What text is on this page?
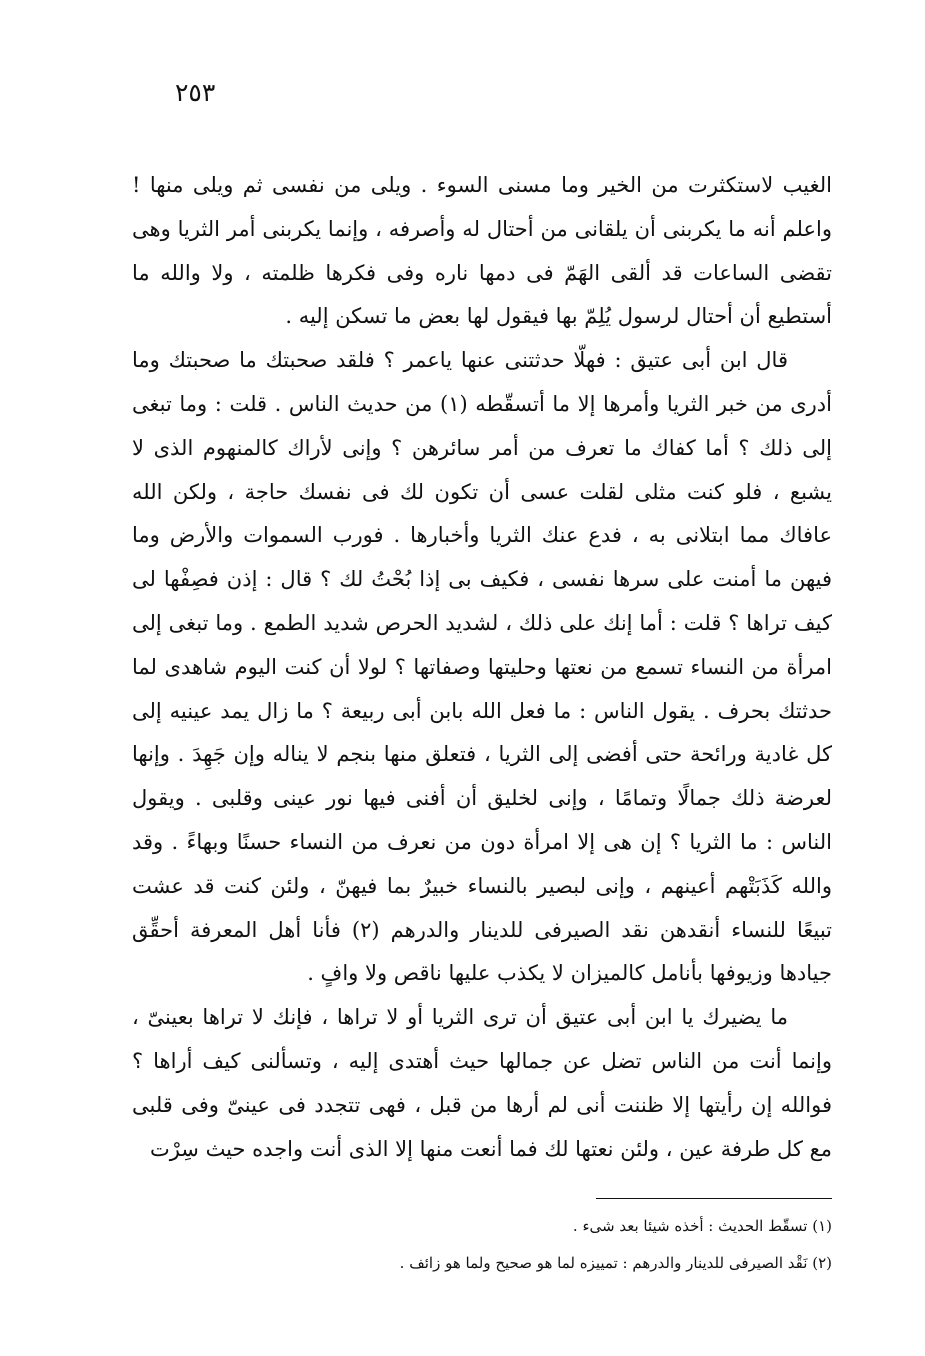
٢٥٣

الغيب لاستكثرت من الخير وما مسنى السوء . ويلى من نفسى ثم ويلى منها ! واعلم أنه ما يكربنى أن يلقانى من أحتال له وأصرفه ، وإنما يكربنى أمر الثريا وهى تقضى الساعات قد ألقى الهَمّ فى دمها ناره وفى فكرها ظلمته ، ولا والله ما أستطيع أن أحتال لرسول يُلِمّ بها فيقول لها بعض ما تسكن إليه .

قال ابن أبى عتيق : فهلّا حدثتنى عنها ياعمر ؟ فلقد صحبتك ما صحبتك وما أدرى من خبر الثريا وأمرها إلا ما أتسقّطه (١) من حديث الناس . قلت : وما تبغى إلى ذلك ؟ أما كفاك ما تعرف من أمر سائرهن ؟ وإنى لأراك كالمنهوم الذى لا يشبع ، فلو كنت مثلى لقلت عسى أن تكون لك فى نفسك حاجة ، ولكن الله عافاك مما ابتلانى به ، فدع عنك الثريا وأخبارها . فورب السموات والأرض وما فيهن ما أمنت على سرها نفسى ، فكيف بى إذا بُحْتُ لك ؟ قال : إذن فصِفْها لى كيف تراها ؟ قلت : أما إنك على ذلك ، لشديد الحرص شديد الطمع . وما تبغى إلى امرأة من النساء تسمع من نعتها وحليتها وصفاتها ؟ لولا أن كنت اليوم شاهدى لما حدثتك بحرف . يقول الناس : ما فعل الله بابن أبى ربيعة ؟ ما زال يمد عينيه إلى كل غادية ورائحة حتى أفضى إلى الثريا ، فتعلق منها بنجم لا يناله وإن جَهِدَ . وإنها لعرضة ذلك جمالًا وتمامًا ، وإنى لخليق أن أفنى فيها نور عينى وقلبى . ويقول الناس : ما الثريا ؟ إن هى إلا امرأة دون من نعرف من النساء حسنًا وبهاءً . وقد والله كَذَبَتْهم أعينهم ، وإنى لبصير بالنساء خبيرٌ بما فيهنّ ، ولئن كنت قد عشت تبيعًا للنساء أنقدهن نقد الصيرفى للدينار والدرهم (٢) فأنا أهل المعرفة أحقِّق جيادها وزيوفها بأنامل كالميزان لا يكذب عليها ناقص ولا وافٍ .

ما يضيرك يا ابن أبى عتيق أن ترى الثريا أو لا تراها ، فإنك لا تراها بعينىّ ، وإنما أنت من الناس تضل عن جمالها حيث أهتدى إليه ، وتسألنى كيف أراها ؟ فوالله إن رأيتها إلا ظننت أنى لم أرها من قبل ، فهى تتجدد فى عينىّ وفى قلبى مع كل طرفة عين ، ولئن نعتها لك فما أنعت منها إلا الذى أنت واجده حيث سِرْت

(١) تسقّط الحديث : أخذه شيئا بعد شىء .
(٢) نَقْد الصيرفى للدينار والدرهم : تمييزه لما هو صحيح ولما هو زائف .
